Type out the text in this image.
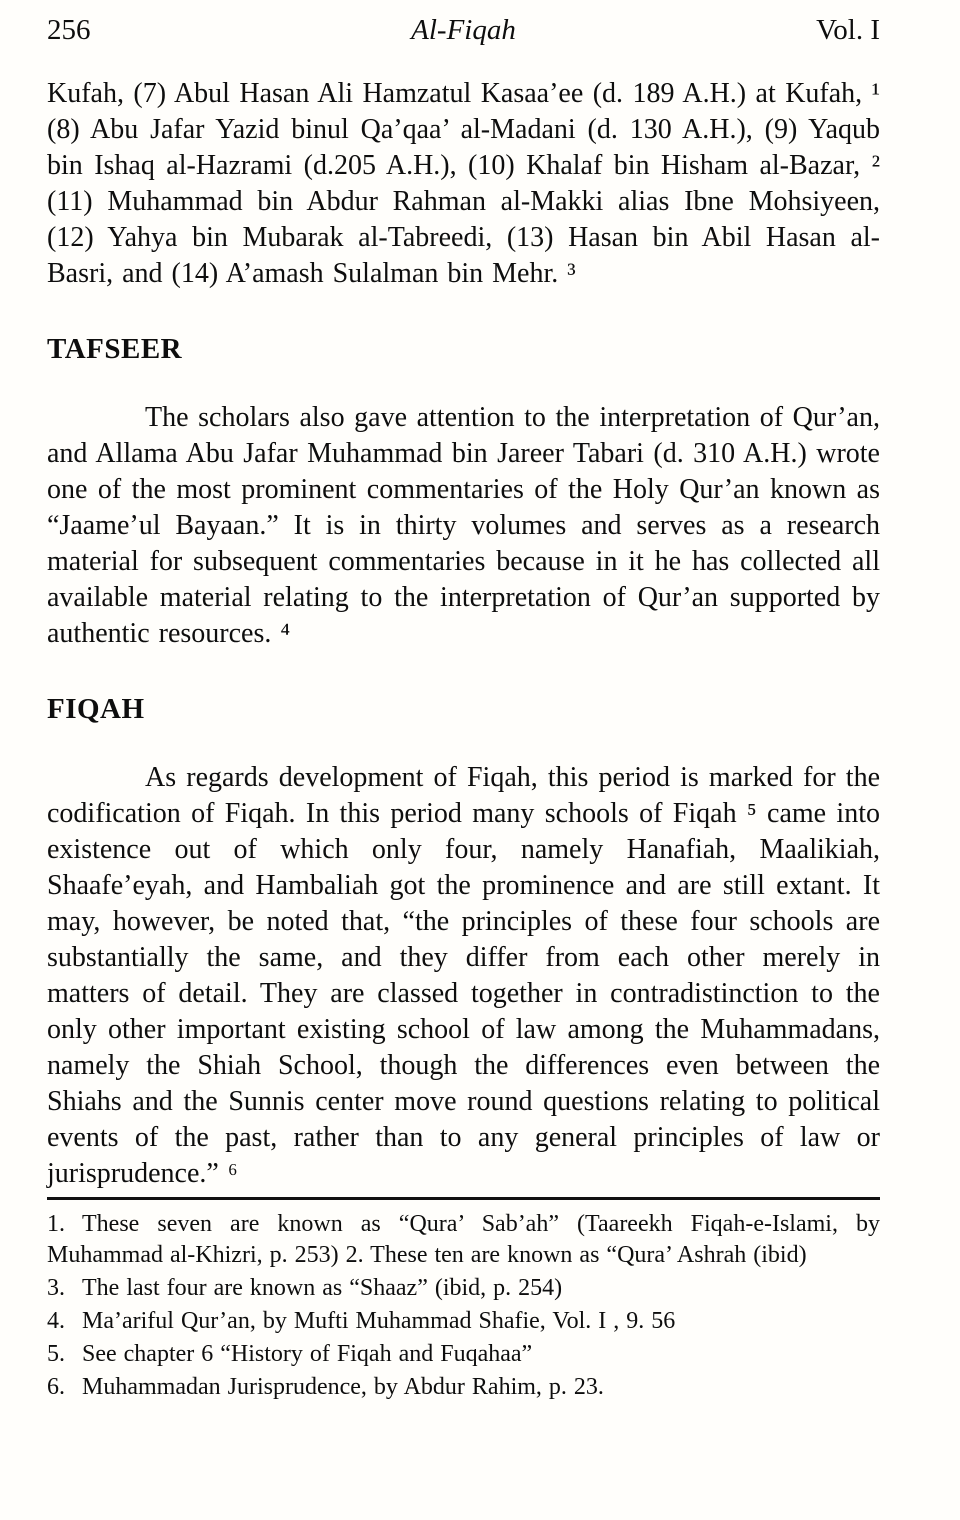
256	Al-Fiqah	Vol. I

Kufah, (7) Abul Hasan Ali Hamzatul Kasaa’ee (d. 189 A.H.) at Kufah, ¹ (8) Abu Jafar Yazid binul Qa’qaa’ al-Madani (d. 130 A.H.), (9) Yaqub bin Ishaq al-Hazrami (d.205 A.H.), (10) Khalaf bin Hisham al-Bazar, ² (11) Muhammad bin Abdur Rahman al-Makki alias Ibne Mohsiyeen, (12) Yahya bin Mubarak al-Tabreedi, (13) Hasan bin Abil Hasan al-Basri, and (14) A’amash Sulalman bin Mehr. ³

TAFSEER

The scholars also gave attention to the interpretation of Qur’an, and Allama Abu Jafar Muhammad bin Jareer Tabari (d. 310 A.H.) wrote one of the most prominent commentaries of the Holy Qur’an known as “Jaame’ul Bayaan.” It is in thirty volumes and serves as a research material for subsequent commentaries because in it he has collected all available material relating to the interpretation of Qur’an supported by authentic resources. ⁴

FIQAH

As regards development of Fiqah, this period is marked for the codification of Fiqah. In this period many schools of Fiqah ⁵ came into existence out of which only four, namely Hanafiah, Maalikiah, Shaafe’eyah, and Hambaliah got the prominence and are still extant. It may, however, be noted that, “the principles of these four schools are substantially the same, and they differ from each other merely in matters of detail. They are classed together in contradistinction to the only other important existing school of law among the Muhammadans, namely the Shiah School, though the differences even between the Shiahs and the Sunnis center move round questions relating to political events of the past, rather than to any general principles of law or jurisprudence.” ⁶

1. These seven are known as “Qura’ Sab’ah” (Taareekh Fiqah-e-Islami, by Muhammad al-Khizri, p. 253) 2. These ten are known as “Qura’ Ashrah (ibid)

3. The last four are known as “Shaaz” (ibid, p. 254)

4. Ma’ariful Qur’an, by Mufti Muhammad Shafie, Vol. I , 9. 56

5. See chapter 6 “History of Fiqah and Fuqahaa”

6. Muhammadan Jurisprudence, by Abdur Rahim, p. 23.
